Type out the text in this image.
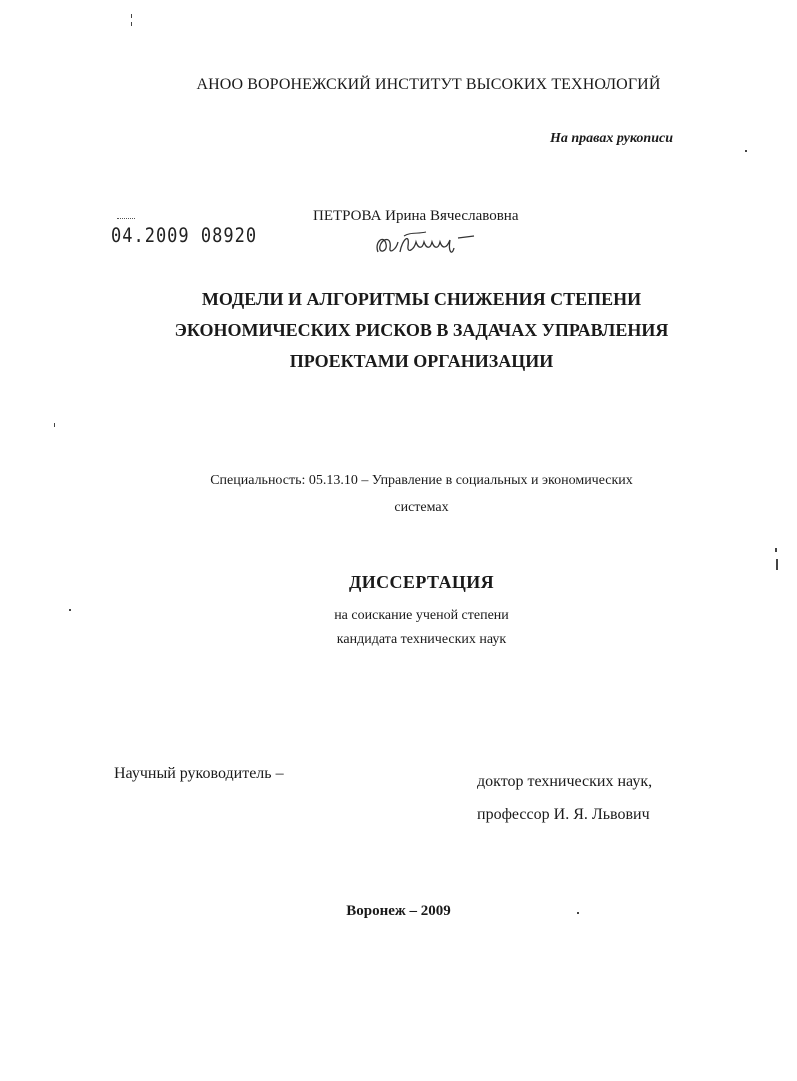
АНОО ВОРОНЕЖСКИЙ ИНСТИТУТ ВЫСОКИХ ТЕХНОЛОГИЙ
На правах рукописи
04.2009 08920
ПЕТРОВА Ирина Вячеславовна
МОДЕЛИ И АЛГОРИТМЫ СНИЖЕНИЯ СТЕПЕНИ
ЭКОНОМИЧЕСКИХ РИСКОВ В ЗАДАЧАХ УПРАВЛЕНИЯ
ПРОЕКТАМИ ОРГАНИЗАЦИИ
Специальность: 05.13.10 – Управление в социальных и экономических
системах
ДИССЕРТАЦИЯ
на соискание ученой степени
кандидата технических наук
Научный руководитель –	доктор технических наук,
профессор И. Я. Львович
Воронеж – 2009
